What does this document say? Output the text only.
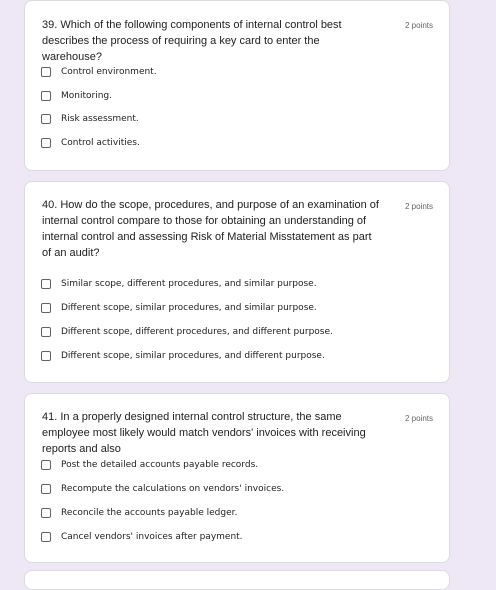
39. Which of the following components of internal control best describes the process of requiring a key card to enter the warehouse?
2 points
Control environment.
Monitoring.
Risk assessment.
Control activities.
40. How do the scope, procedures, and purpose of an examination of internal control compare to those for obtaining an understanding of internal control and assessing Risk of Material Misstatement as part of an audit?
2 points
Similar scope, different procedures, and similar purpose.
Different scope, similar procedures, and similar purpose.
Different scope, different procedures, and different purpose.
Different scope, similar procedures, and different purpose.
41. In a properly designed internal control structure, the same employee most likely would match vendors' invoices with receiving reports and also
2 points
Post the detailed accounts payable records.
Recompute the calculations on vendors' invoices.
Reconcile the accounts payable ledger.
Cancel vendors' invoices after payment.
